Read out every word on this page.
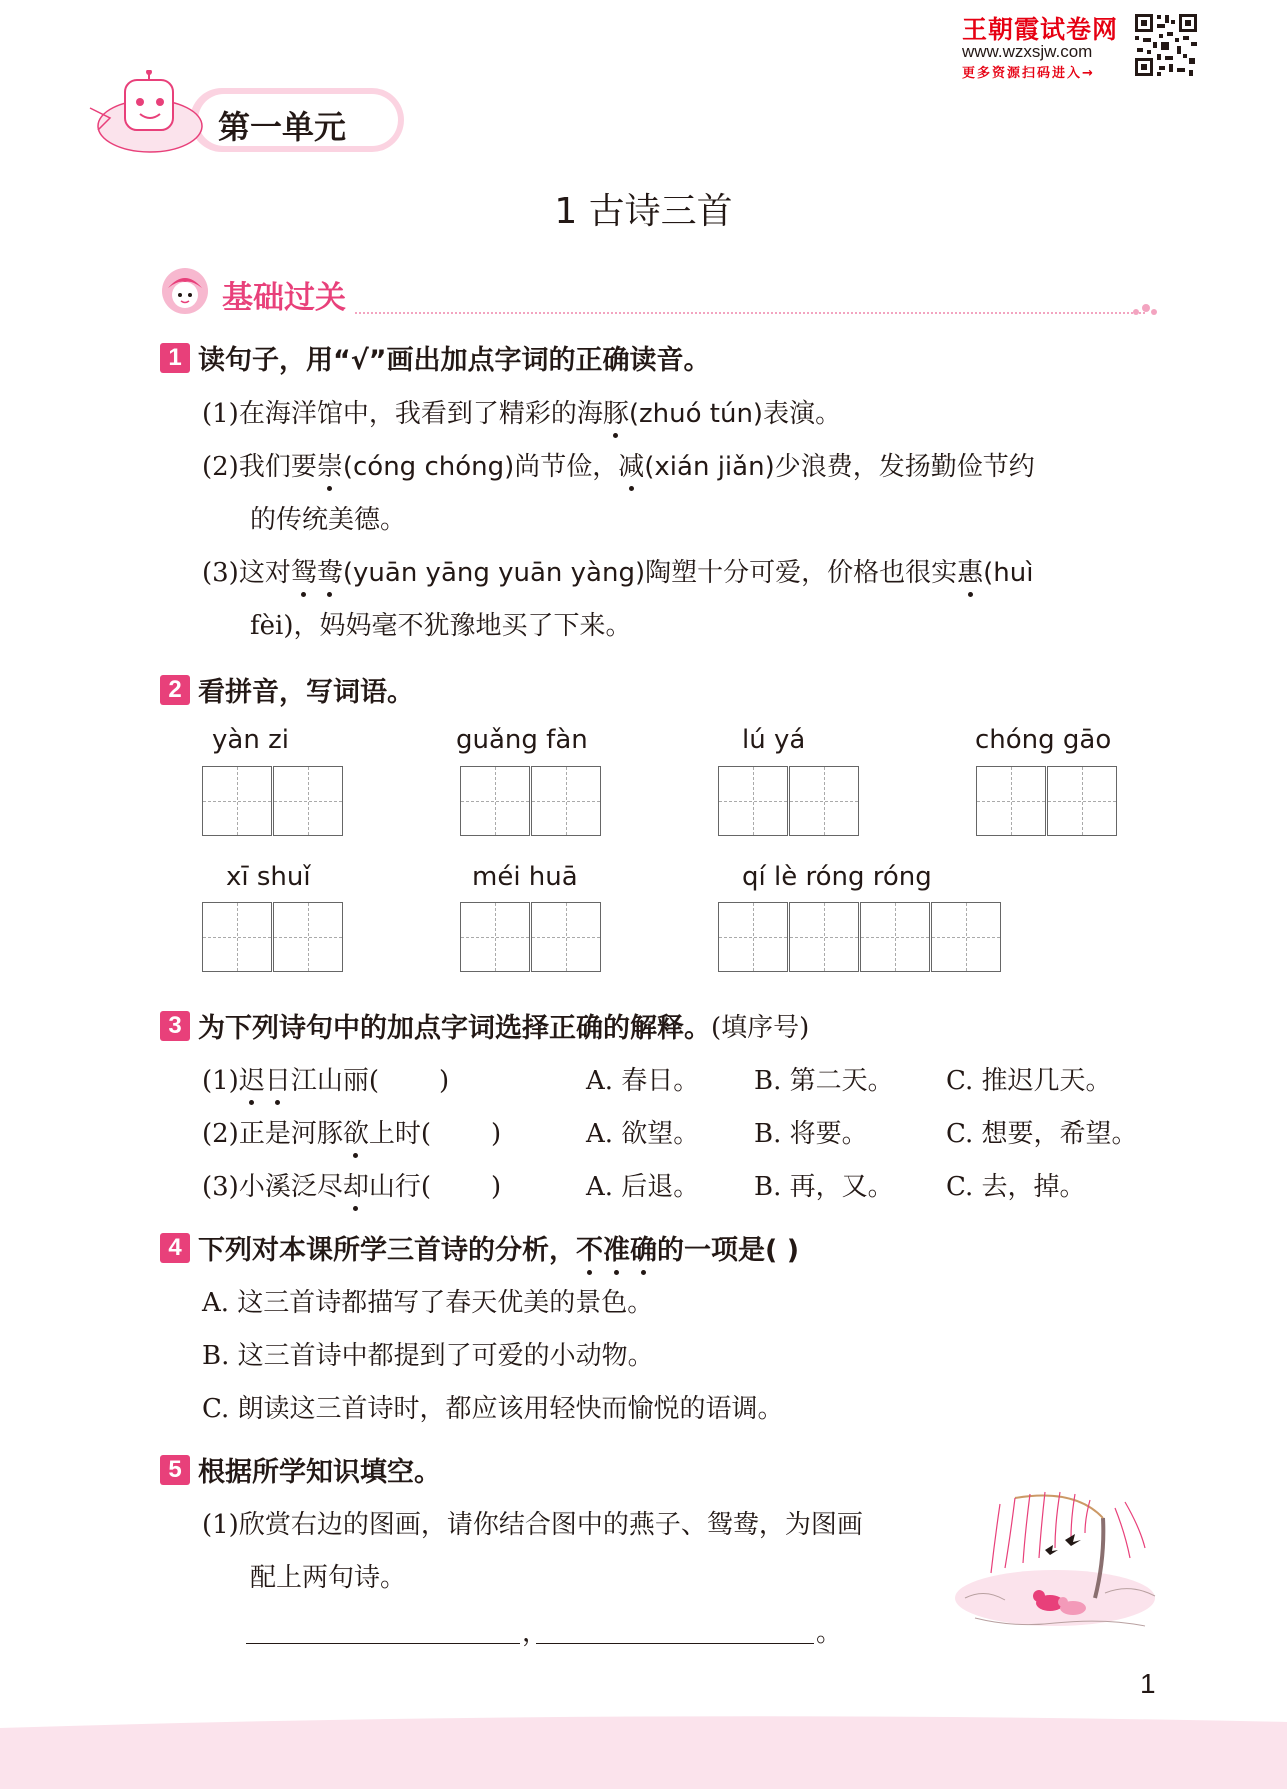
王朝霞试卷网
www.wzxsjw.com
更多资源扫码进入→
第一单元
1 古诗三首
基础过关
1 读句子，用“√”画出加点字词的正确读音。
(1)在海洋馆中，我看到了精彩的海豚(zhuó tún)表演。
(2)我们要崇(cóng chóng)尚节俭，减(xián jiǎn)少浪费，发扬勤俭节约
的传统美德。
(3)这对鸳鸯(yuān yāng yuān yàng)陶塑十分可爱，价格也很实惠(huì
fèi)，妈妈毫不犹豫地买了下来。
2 看拼音，写词语。
yàn zi	guǎng fàn	lú yá	chóng gāo
xī shuǐ	méi huā	qí lè róng róng
3 为下列诗句中的加点字词选择正确的解释。(填序号)
(1)迟日江山丽( )	A. 春日。 B. 第二天。 C. 推迟几天。
(2)正是河豚欲上时( )	A. 欲望。 B. 将要。	C. 想要，希望。
(3)小溪泛尽却山行( )	A. 后退。 B. 再，又。 C. 去，掉。
4 下列对本课所学三首诗的分析，不准确的一项是( )
A. 这三首诗都描写了春天优美的景色。
B. 这三首诗中都提到了可爱的小动物。
C. 朗读这三首诗时，都应该用轻快而愉悦的语调。
5 根据所学知识填空。
(1)欣赏右边的图画，请你结合图中的燕子、鸳鸯，为图画
配上两句诗。
，	。
1
